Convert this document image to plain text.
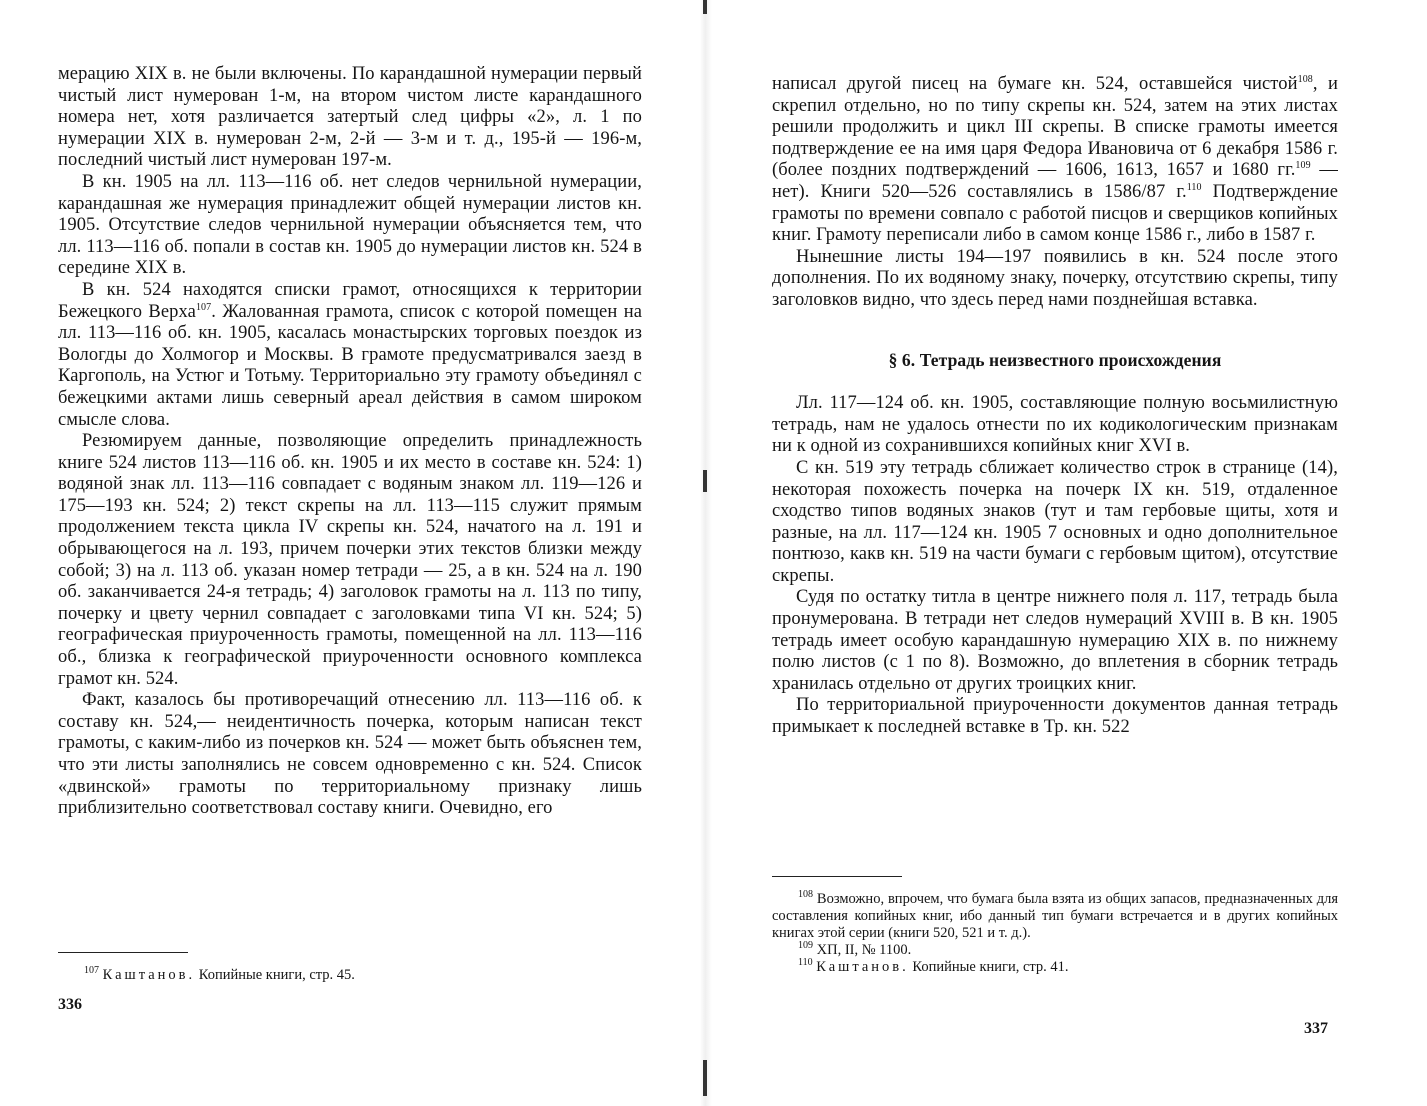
мерацию XIX в. не были включены. По карандашной нумерации первый чистый лист нумерован 1-м, на втором чистом листе карандашного номера нет, хотя различается затертый след цифры «2», л. 1 по нумерации XIX в. нумерован 2-м, 2-й — 3-м и т. д., 195-й — 196-м, последний чистый лист нумерован 197-м.

В кн. 1905 на лл. 113—116 об. нет следов чернильной нумерации, карандашная же нумерация принадлежит общей нумерации листов кн. 1905. Отсутствие следов чернильной нумерации объясняется тем, что лл. 113—116 об. попали в состав кн. 1905 до нумерации листов кн. 524 в середине XIX в.

В кн. 524 находятся списки грамот, относящихся к территории Бежецкого Верха$^{107}$. Жалованная грамота, список с которой помещен на лл. 113—116 об. кн. 1905, касалась монастырских торговых поездок из Вологды до Холмогор и Москвы. В грамоте предусматривался заезд в Каргополь, на Устюг и Тотьму. Территориально эту грамоту объединял с бежецкими актами лишь северный ареал действия в самом широком смысле слова.

Резюмируем данные, позволяющие определить принадлежность книге 524 листов 113—116 об. кн. 1905 и их место в составе кн. 524: 1) водяной знак лл. 113—116 совпадает с водяным знаком лл. 119—126 и 175—193 кн. 524; 2) текст скрепы на лл. 113—115 служит прямым продолжением текста цикла IV скрепы кн. 524, начатого на л. 191 и обрывающегося на л. 193, причем почерки этих текстов близки между собой; 3) на л. 113 об. указан номер тетради — 25, а в кн. 524 на л. 190 об. заканчивается 24-я тетрадь; 4) заголовок грамоты на л. 113 по типу, почерку и цвету чернил совпадает с заголовками типа VI кн. 524; 5) географическая приуроченность грамоты, помещенной на лл. 113—116 об., близка к географической приуроченности основного комплекса грамот кн. 524.

Факт, казалось бы противоречащий отнесению лл. 113—116 об. к составу кн. 524,— неидентичность почерка, которым написан текст грамоты, с каким-либо из почерков кн. 524 — может быть объяснен тем, что эти листы заполнялись не совсем одновременно с кн. 524. Список «двинской» грамоты по территориальному признаку лишь приблизительно соответствовал составу книги. Очевидно, его

$^{107}$ Каштанов. Копийные книги, стр. 45.

336

написал другой писец на бумаге кн. 524, оставшейся чистой$^{108}$, и скрепил отдельно, но по типу скрепы кн. 524, затем на этих листах решили продолжить и цикл III скрепы. В списке грамоты имеется подтверждение ее на имя царя Федора Ивановича от 6 декабря 1586 г. (более поздних подтверждений — 1606, 1613, 1657 и 1680 гг.$^{109}$ — нет). Книги 520—526 составлялись в 1586/87 г.$^{110}$ Подтверждение грамоты по времени совпало с работой писцов и сверщиков копийных книг. Грамоту переписали либо в самом конце 1586 г., либо в 1587 г.

Нынешние листы 194—197 появились в кн. 524 после этого дополнения. По их водяному знаку, почерку, отсутствию скрепы, типу заголовков видно, что здесь перед нами позднейшая вставка.

§ 6. Тетрадь неизвестного происхождения

Лл. 117—124 об. кн. 1905, составляющие полную восьмилистную тетрадь, нам не удалось отнести по их кодикологическим признакам ни к одной из сохранившихся копийных книг XVI в.

С кн. 519 эту тетрадь сближает количество строк в странице (14), некоторая похожесть почерка на почерк IX кн. 519, отдаленное сходство типов водяных знаков (тут и там гербовые щиты, хотя и разные, на лл. 117—124 кн. 1905 7 основных и одно дополнительное понтюзо, какв кн. 519 на части бумаги с гербовым щитом), отсутствие скрепы.

Судя по остатку титла в центре нижнего поля л. 117, тетрадь была пронумерована. В тетради нет следов нумераций XVIII в. В кн. 1905 тетрадь имеет особую карандашную нумерацию XIX в. по нижнему полю листов (с 1 по 8). Возможно, до вплетения в сборник тетрадь хранилась отдельно от других троицких книг.

По территориальной приуроченности документов данная тетрадь примыкает к последней вставке в Тр. кн. 522

$^{108}$ Возможно, впрочем, что бумага была взята из общих запасов, предназначенных для составления копийных книг, ибо данный тип бумаги встречается и в других копийных книгах этой серии (книги 520, 521 и т. д.).

$^{109}$ ХП, II, № 1100.

$^{110}$ Каштанов. Копийные книги, стр. 41.

337
